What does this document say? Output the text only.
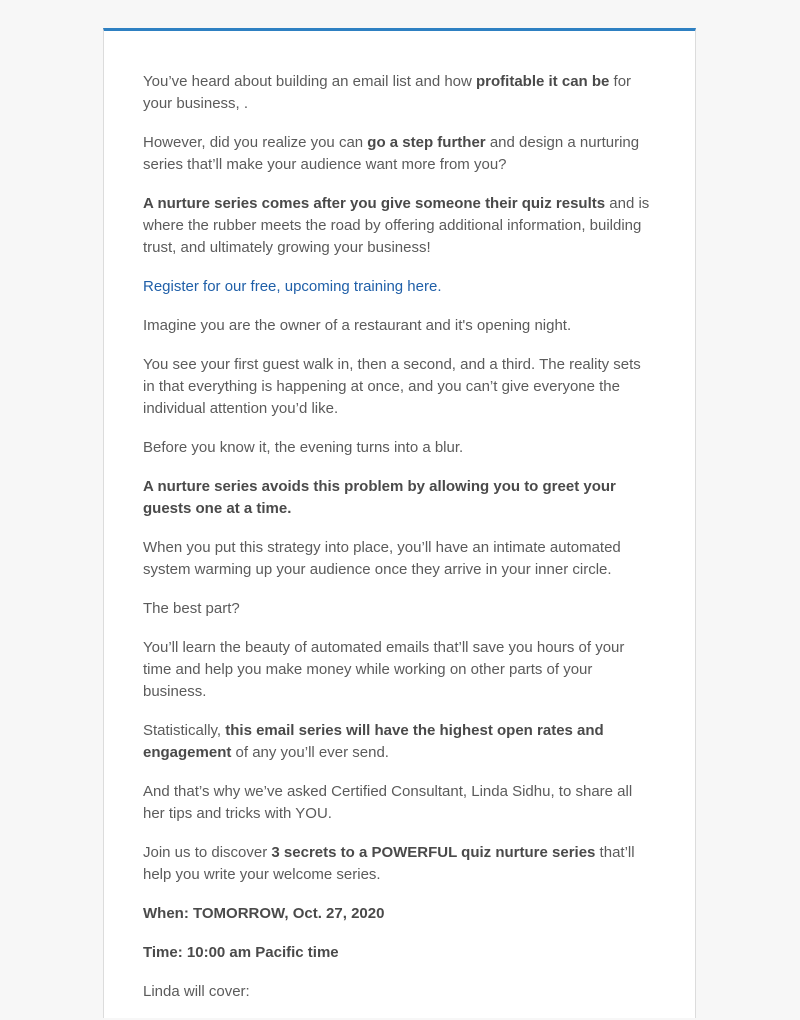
You’ve heard about building an email list and how profitable it can be for your business, .

However, did you realize you can go a step further and design a nurturing series that’ll make your audience want more from you?

A nurture series comes after you give someone their quiz results and is where the rubber meets the road by offering additional information, building trust, and ultimately growing your business!

Register for our free, upcoming training here.

Imagine you are the owner of a restaurant and it's opening night.

You see your first guest walk in, then a second, and a third. The reality sets in that everything is happening at once, and you can’t give everyone the individual attention you’d like.

Before you know it, the evening turns into a blur.

A nurture series avoids this problem by allowing you to greet your guests one at a time.

When you put this strategy into place, you’ll have an intimate automated system warming up your audience once they arrive in your inner circle.

The best part?

You’ll learn the beauty of automated emails that’ll save you hours of your time and help you make money while working on other parts of your business.

Statistically, this email series will have the highest open rates and engagement of any you’ll ever send.

And that’s why we’ve asked Certified Consultant, Linda Sidhu, to share all her tips and tricks with YOU.

Join us to discover 3 secrets to a POWERFUL quiz nurture series that’ll help you write your welcome series.

When: TOMORROW, Oct. 27, 2020

Time: 10:00 am Pacific time

Linda will cover:
